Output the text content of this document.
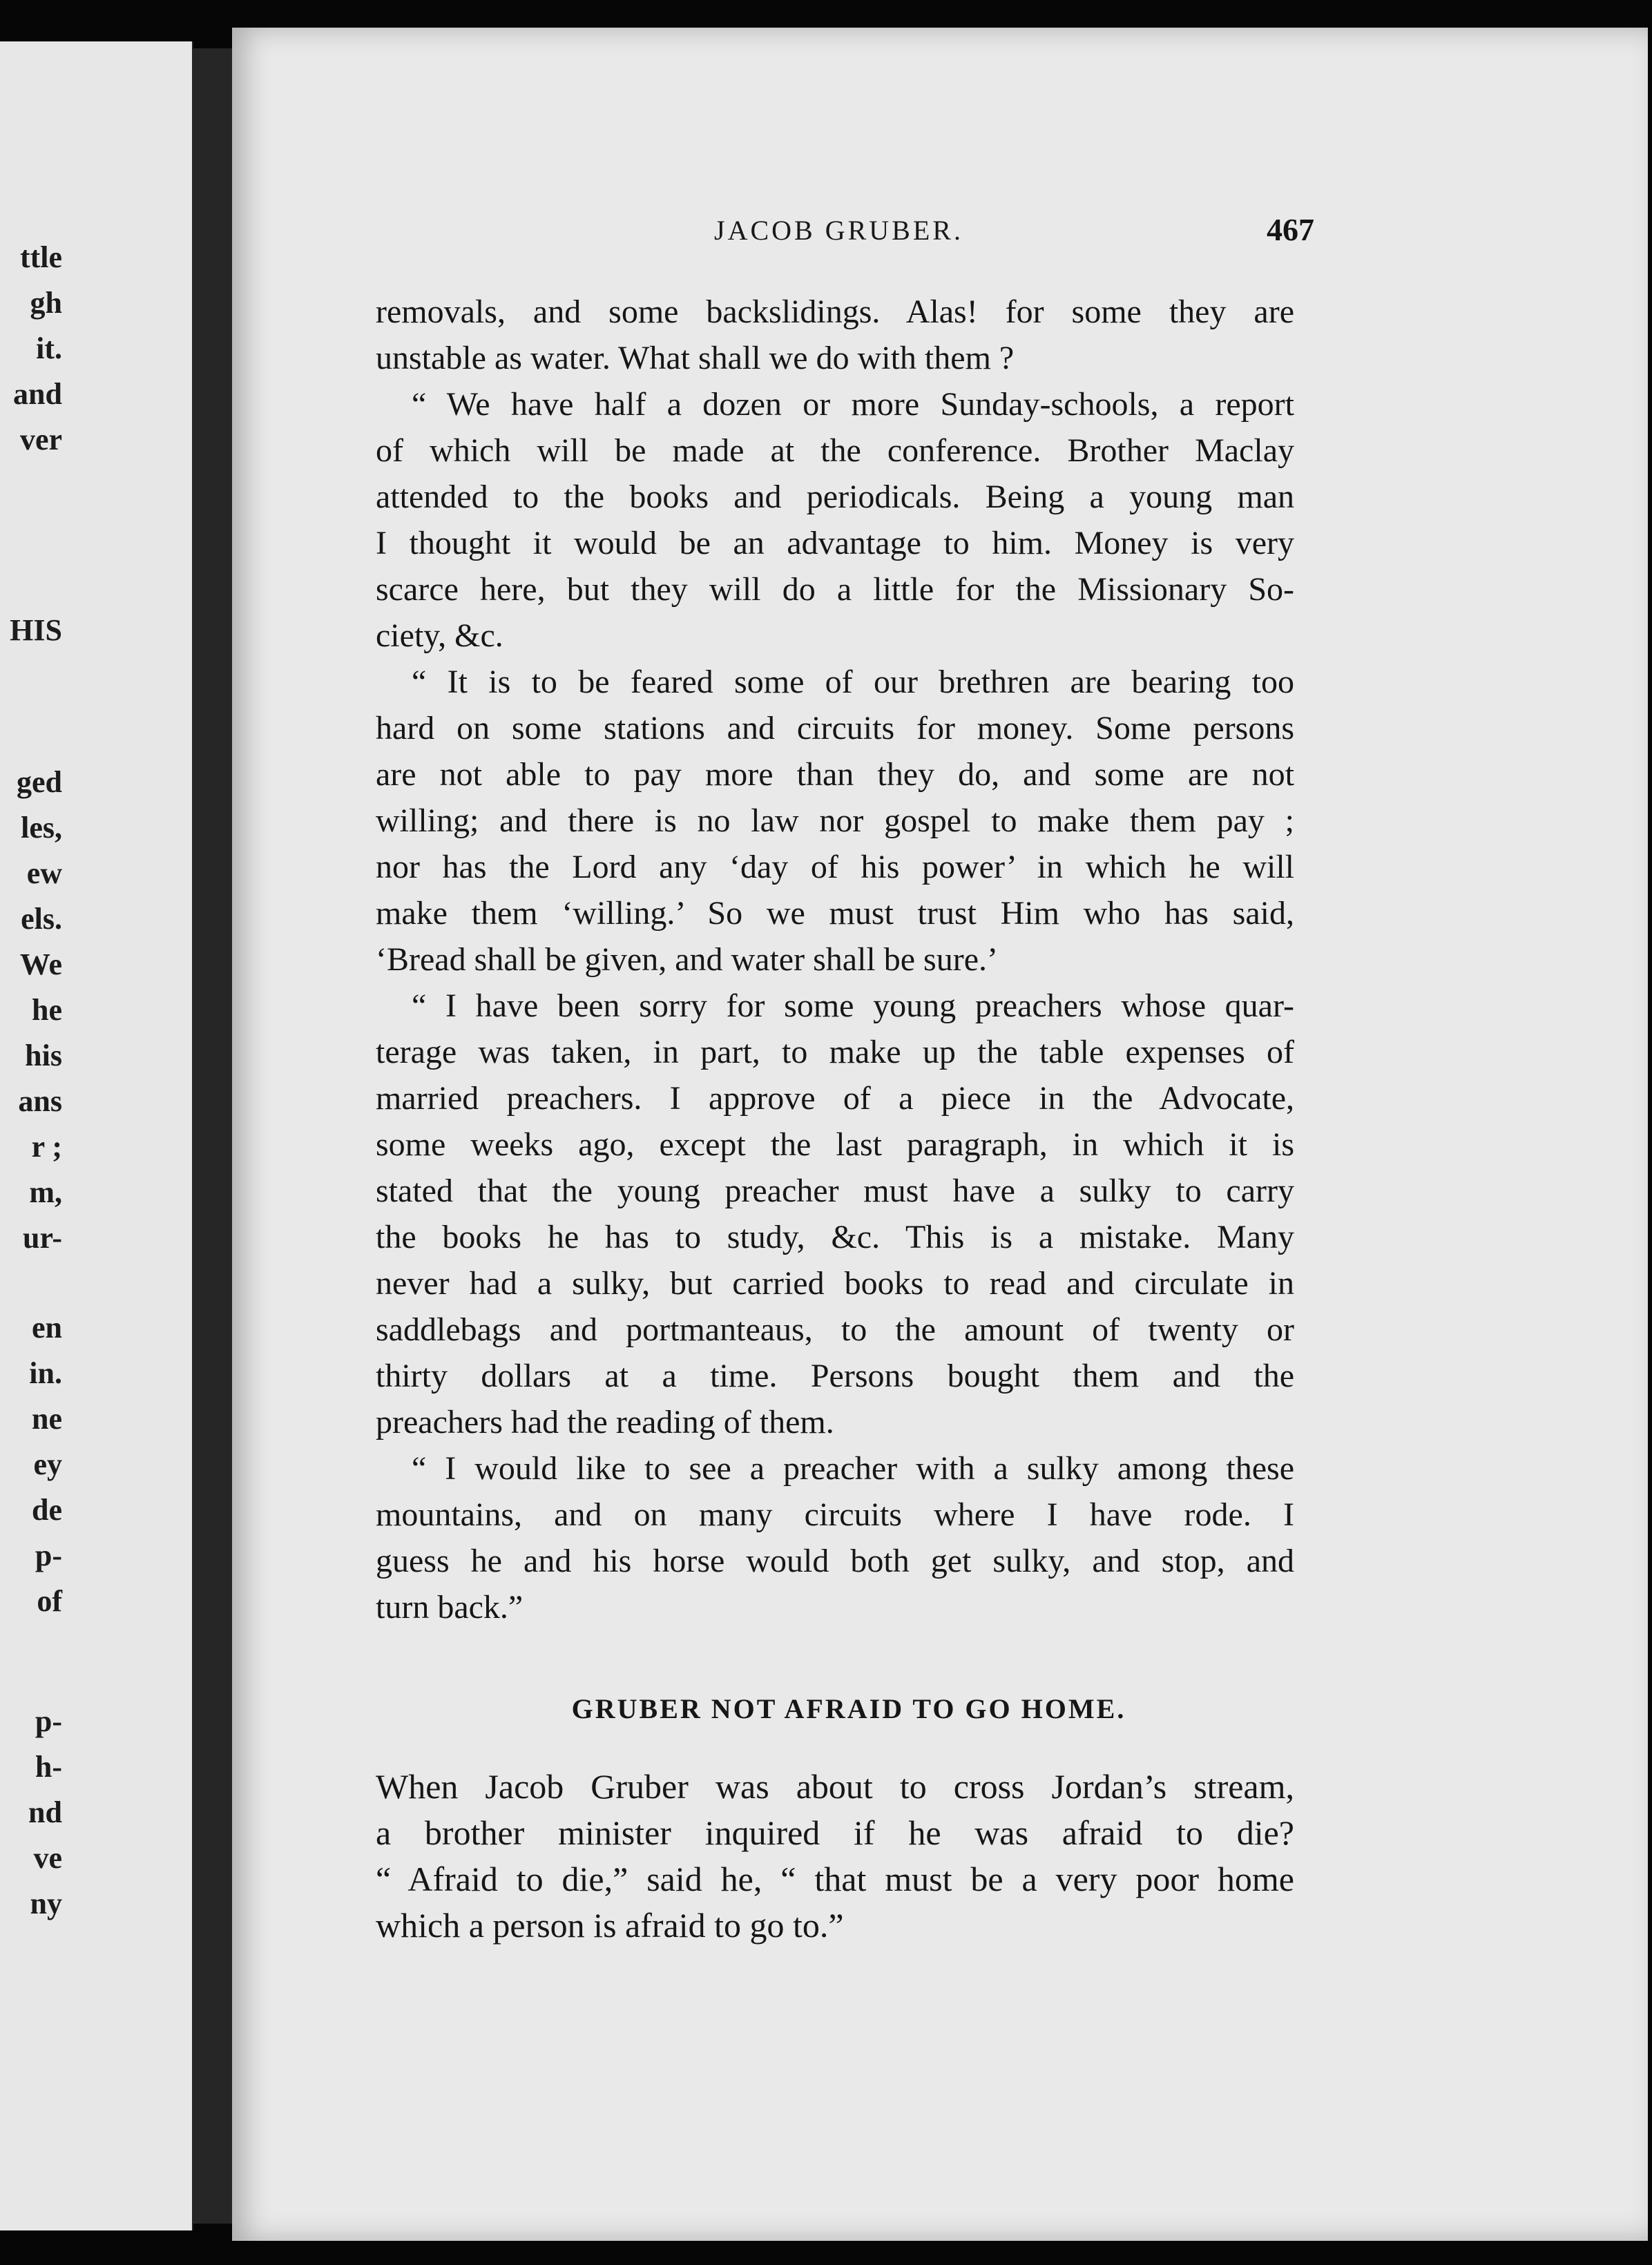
ttle
gh
it.
and
ver
HIS
ged
les,
ew
els.
We
he
his
ans
r ;
m,
ur-
en
in.
ne
ey
de
p-
of
p-
h-
nd
ve
ny
JACOB GRUBER.	467

removals, and some backslidings. Alas! for some they are
unstable as water. What shall we do with them ?

“ We have half a dozen or more Sunday-schools, a report
of which will be made at the conference. Brother Maclay
attended to the books and periodicals. Being a young man
I thought it would be an advantage to him. Money is very
scarce here, but they will do a little for the Missionary So-
ciety, &c.

“ It is to be feared some of our brethren are bearing too
hard on some stations and circuits for money. Some persons
are not able to pay more than they do, and some are not
willing; and there is no law nor gospel to make them pay ;
nor has the Lord any ‘day of his power’ in which he will
make them ‘willing.’ So we must trust Him who has said,
‘Bread shall be given, and water shall be sure.’

“ I have been sorry for some young preachers whose quar-
terage was taken, in part, to make up the table expenses of
married preachers. I approve of a piece in the Advocate,
some weeks ago, except the last paragraph, in which it is
stated that the young preacher must have a sulky to carry
the books he has to study, &c. This is a mistake. Many
never had a sulky, but carried books to read and circulate in
saddlebags and portmanteaus, to the amount of twenty or
thirty dollars at a time. Persons bought them and the
preachers had the reading of them.

“ I would like to see a preacher with a sulky among these
mountains, and on many circuits where I have rode. I
guess he and his horse would both get sulky, and stop, and
turn back.”

GRUBER NOT AFRAID TO GO HOME.

When Jacob Gruber was about to cross Jordan’s stream,
a brother minister inquired if he was afraid to die?
“ Afraid to die,” said he, “ that must be a very poor home
which a person is afraid to go to.”
